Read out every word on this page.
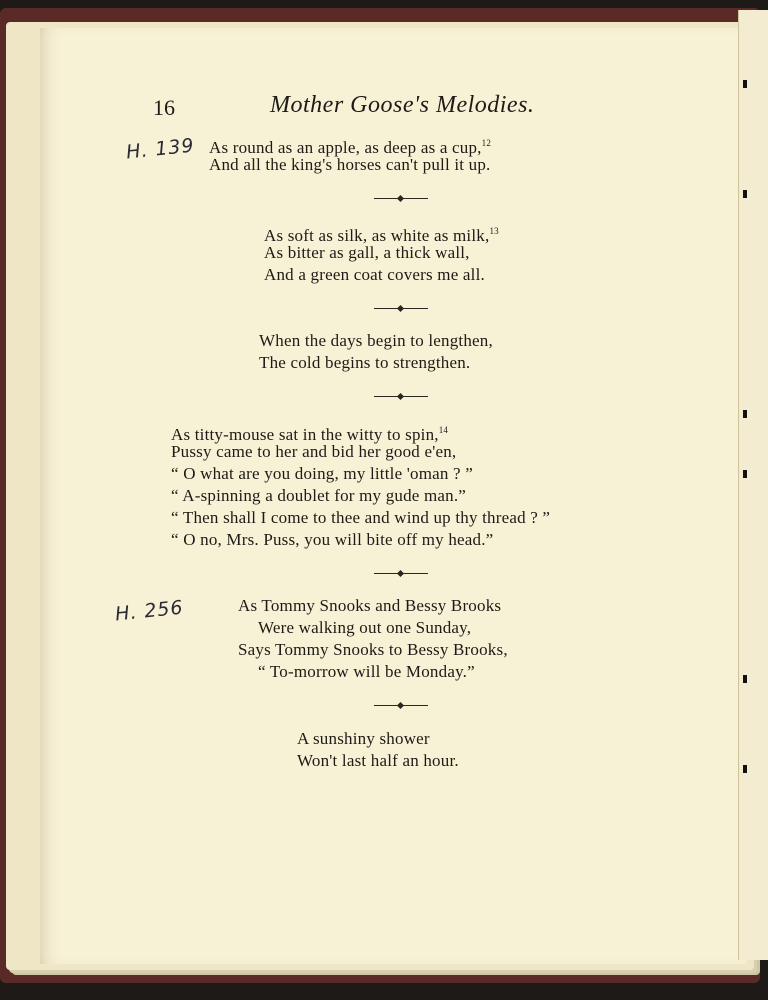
16	Mother Goose's Melodies.
H. 139
H. 256
As round as an apple, as deep as a cup,$^{12}$
And all the king's horses can't pull it up.
As soft as silk, as white as milk,$^{13}$
As bitter as gall, a thick wall,
And a green coat covers me all.
When the days begin to lengthen,
The cold begins to strengthen.
As titty-mouse sat in the witty to spin,$^{14}$
Pussy came to her and bid her good e'en,
“ O what are you doing, my little 'oman ? ”
“ A-spinning a doublet for my gude man.”
“ Then shall I come to thee and wind up thy thread ? ”
“ O no, Mrs. Puss, you will bite off my head.”
As Tommy Snooks and Bessy Brooks
Were walking out one Sunday,
Says Tommy Snooks to Bessy Brooks,
“ To-morrow will be Monday.”
A sunshiny shower
Won't last half an hour.
